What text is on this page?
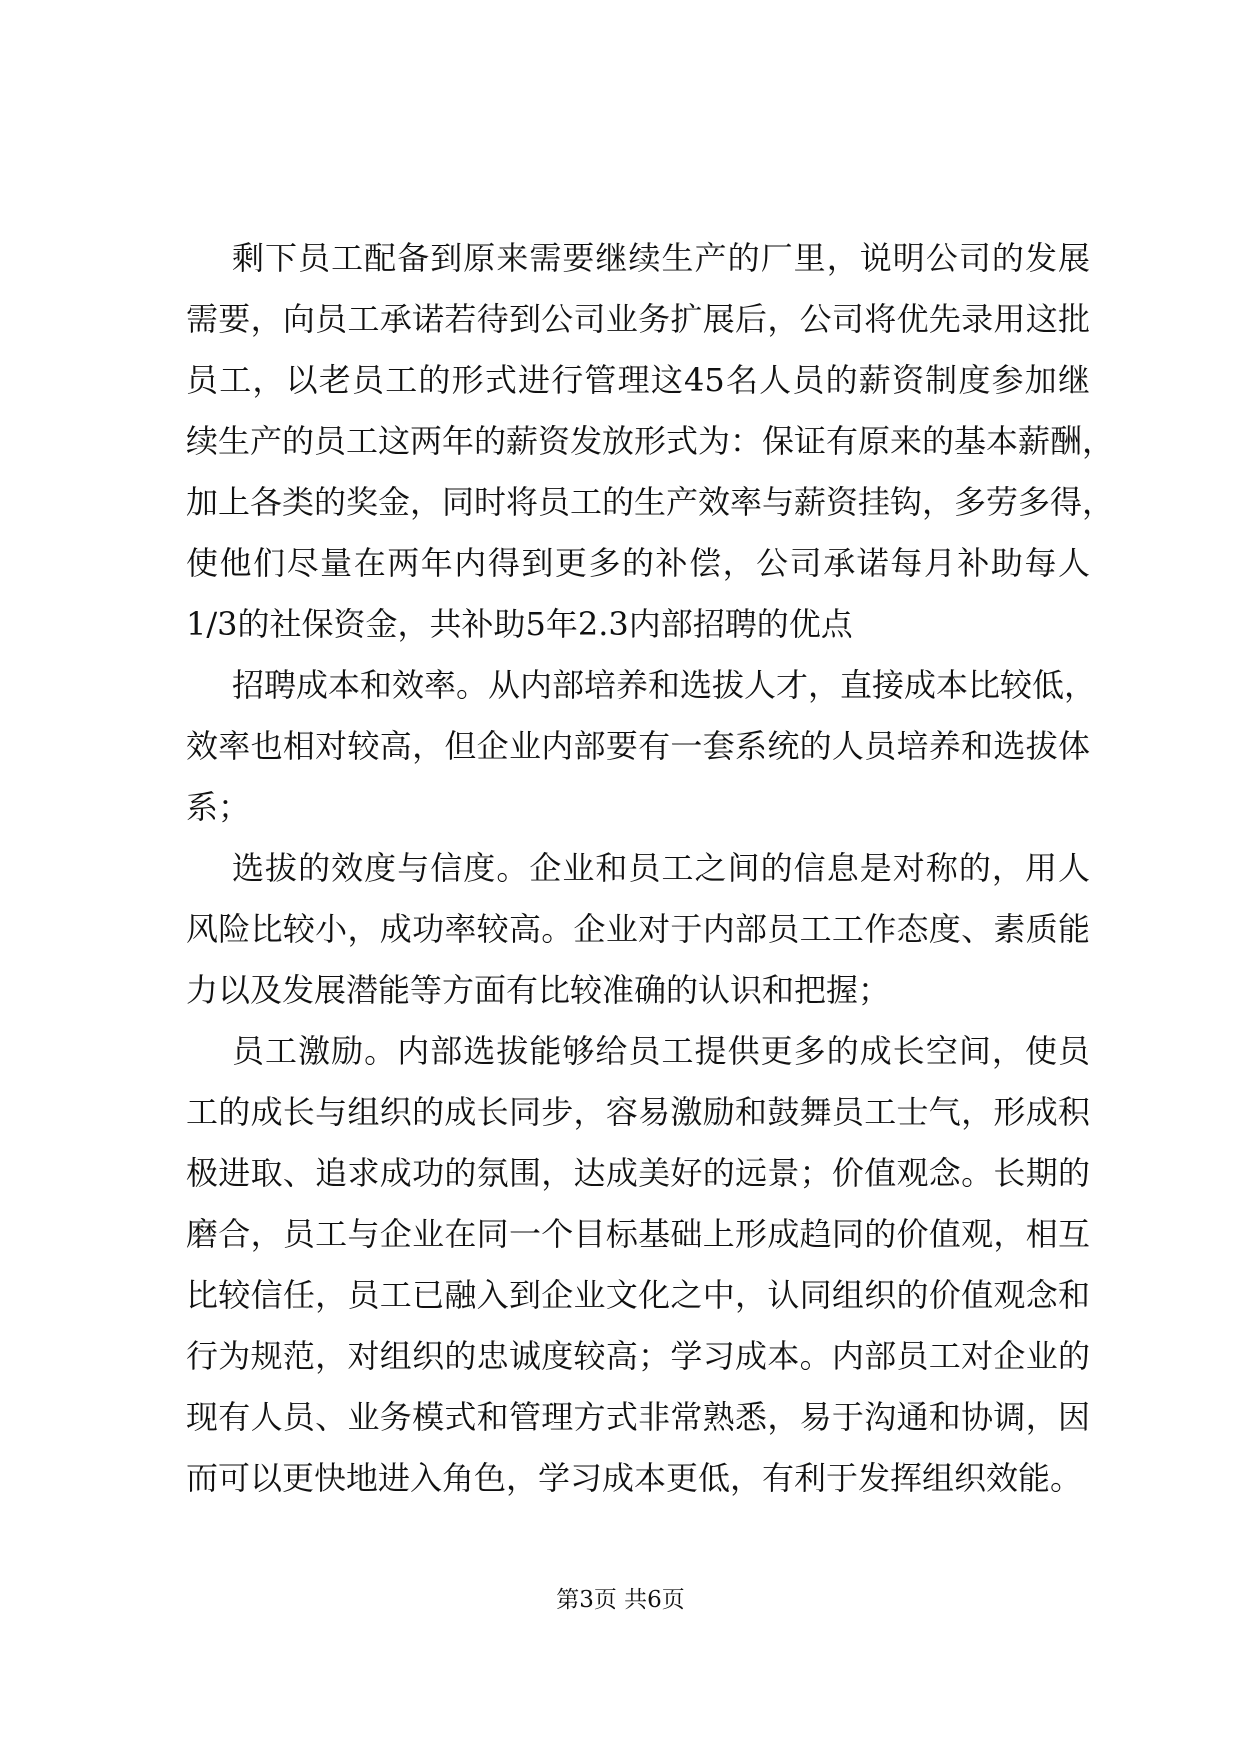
剩下员工配备到原来需要继续生产的厂里，说明公司的发展
需要，向员工承诺若待到公司业务扩展后，公司将优先录用这批
员工，以老员工的形式进行管理这45名人员的薪资制度参加继
续生产的员工这两年的薪资发放形式为：保证有原来的基本薪酬，
加上各类的奖金，同时将员工的生产效率与薪资挂钩，多劳多得，
使他们尽量在两年内得到更多的补偿，公司承诺每月补助每人
1/3的社保资金，共补助5年2.3内部招聘的优点
招聘成本和效率。从内部培养和选拔人才，直接成本比较低，
效率也相对较高，但企业内部要有一套系统的人员培养和选拔体
系；
选拔的效度与信度。企业和员工之间的信息是对称的，用人
风险比较小，成功率较高。企业对于内部员工工作态度、素质能
力以及发展潜能等方面有比较准确的认识和把握；
员工激励。内部选拔能够给员工提供更多的成长空间，使员
工的成长与组织的成长同步，容易激励和鼓舞员工士气，形成积
极进取、追求成功的氛围，达成美好的远景；价值观念。长期的
磨合，员工与企业在同一个目标基础上形成趋同的价值观，相互
比较信任，员工已融入到企业文化之中，认同组织的价值观念和
行为规范，对组织的忠诚度较高；学习成本。内部员工对企业的
现有人员、业务模式和管理方式非常熟悉，易于沟通和协调，因
而可以更快地进入角色，学习成本更低，有利于发挥组织效能。
第3页 共6页
